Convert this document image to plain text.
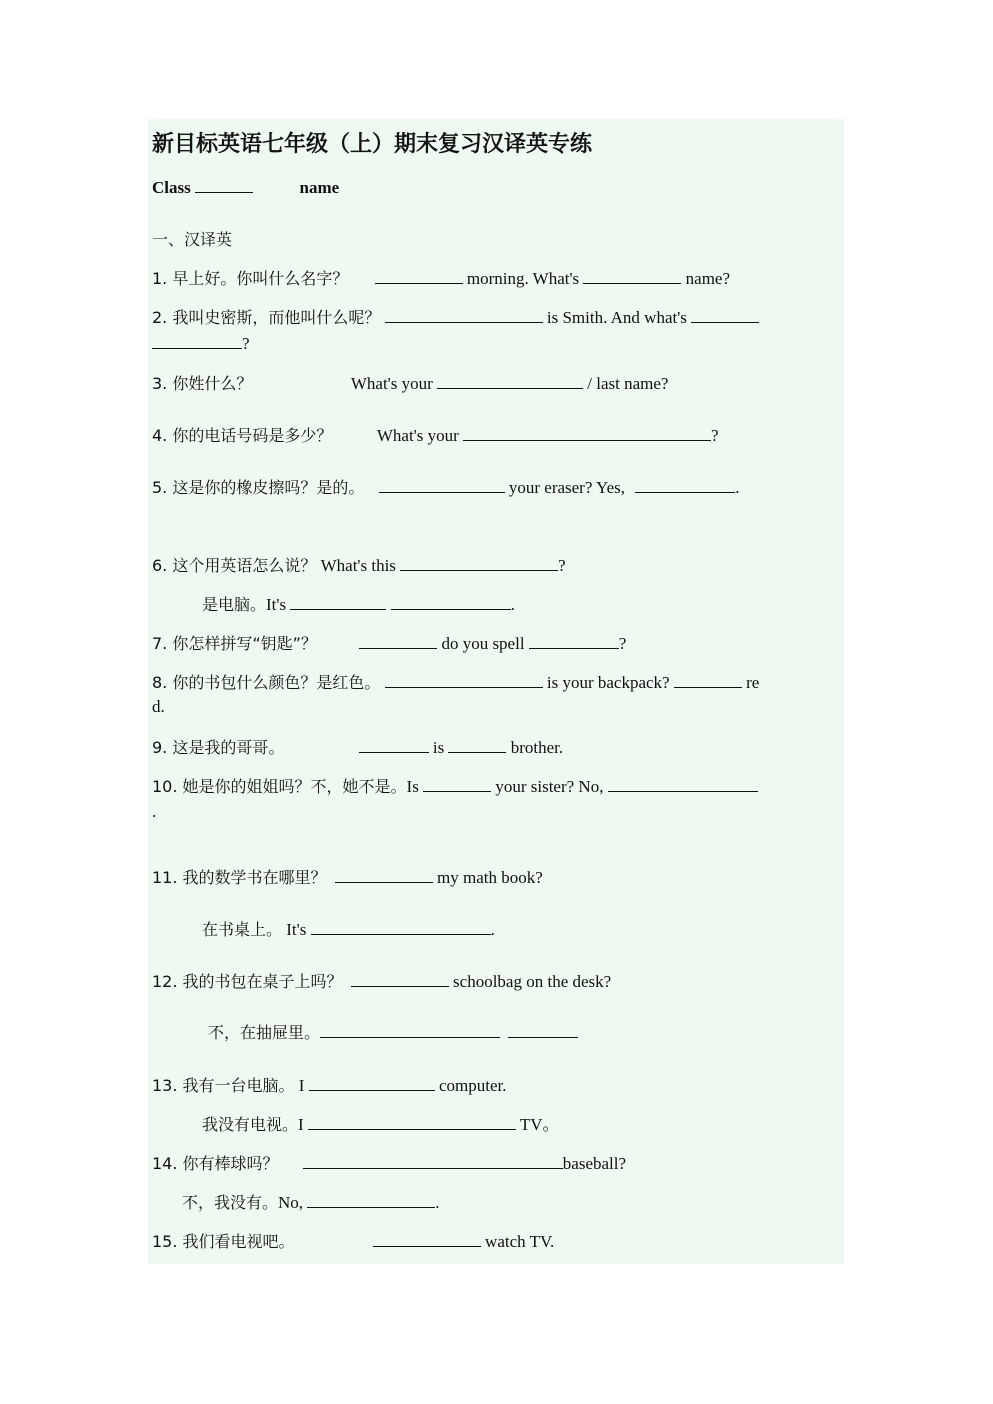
新目标英语七年级（上）期末复习汉译英专练
Class	name
一、汉译英
1. 早上好。你叫什么名字？	morning. What's	name?
2. 我叫史密斯，而他叫什么呢？	is Smith. And what's
?
3. 你姓什么？	What's your	/ last name?
4. 你的电话号码是多少？	What's your	?
5. 这是你的橡皮擦吗？是的。	your eraser? Yes,	.
6. 这个用英语怎么说？ What's this	?
是电脑。It's	.
7. 你怎样拼写“钥匙”？	do you spell	?
8. 你的书包什么颜色？是红色。	is your backpack?	re
d.
9. 这是我的哥哥。	is	brother.
10. 她是你的姐姐吗？不，她不是。Is	your sister? No,
.
11. 我的数学书在哪里？	my math book?
在书桌上。 It's	.
12. 我的书包在桌子上吗？	schoolbag on the desk?
不，在抽屉里。
13. 我有一台电脑。 I	computer.
我没有电视。I	TV。
14. 你有棒球吗？	baseball?
不，我没有。No,	.
15. 我们看电视吧。	watch TV.
